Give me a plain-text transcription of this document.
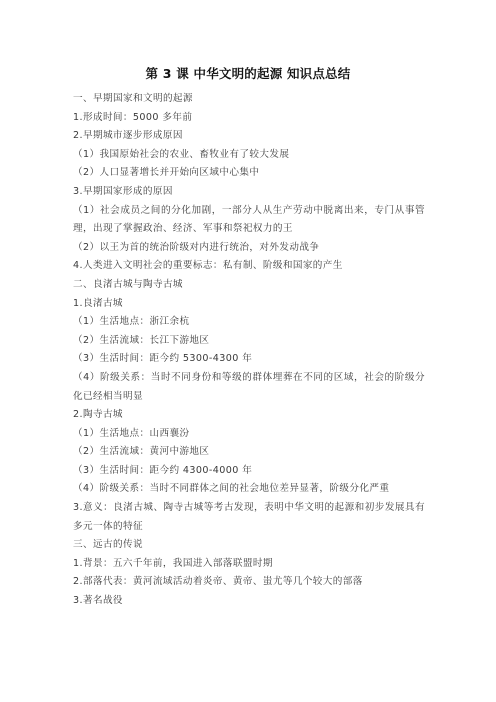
第 3 课 中华文明的起源 知识点总结
一、早期国家和文明的起源
1.形成时间：5000 多年前
2.早期城市逐步形成原因
（1）我国原始社会的农业、畜牧业有了较大发展
（2）人口显著增长并开始向区域中心集中
3.早期国家形成的原因
（1）社会成员之间的分化加剧，一部分人从生产劳动中脱离出来，专门从事管理，出现了掌握政治、经济、军事和祭祀权力的王
（2）以王为首的统治阶级对内进行统治，对外发动战争
4.人类进入文明社会的重要标志：私有制、阶级和国家的产生
二、良渚古城与陶寺古城
1.良渚古城
（1）生活地点：浙江余杭
（2）生活流域：长江下游地区
（3）生活时间：距今约 5300-4300 年
（4）阶级关系：当时不同身份和等级的群体埋葬在不同的区域，社会的阶级分化已经相当明显
2.陶寺古城
（1）生活地点：山西襄汾
（2）生活流域：黄河中游地区
（3）生活时间：距今约 4300-4000 年
（4）阶级关系：当时不同群体之间的社会地位差异显著，阶级分化严重
3.意义：良渚古城、陶寺古城等考古发现，表明中华文明的起源和初步发展具有多元一体的特征
三、远古的传说
1.背景：五六千年前，我国进入部落联盟时期
2.部落代表：黄河流域活动着炎帝、黄帝、蚩尤等几个较大的部落
3.著名战役
